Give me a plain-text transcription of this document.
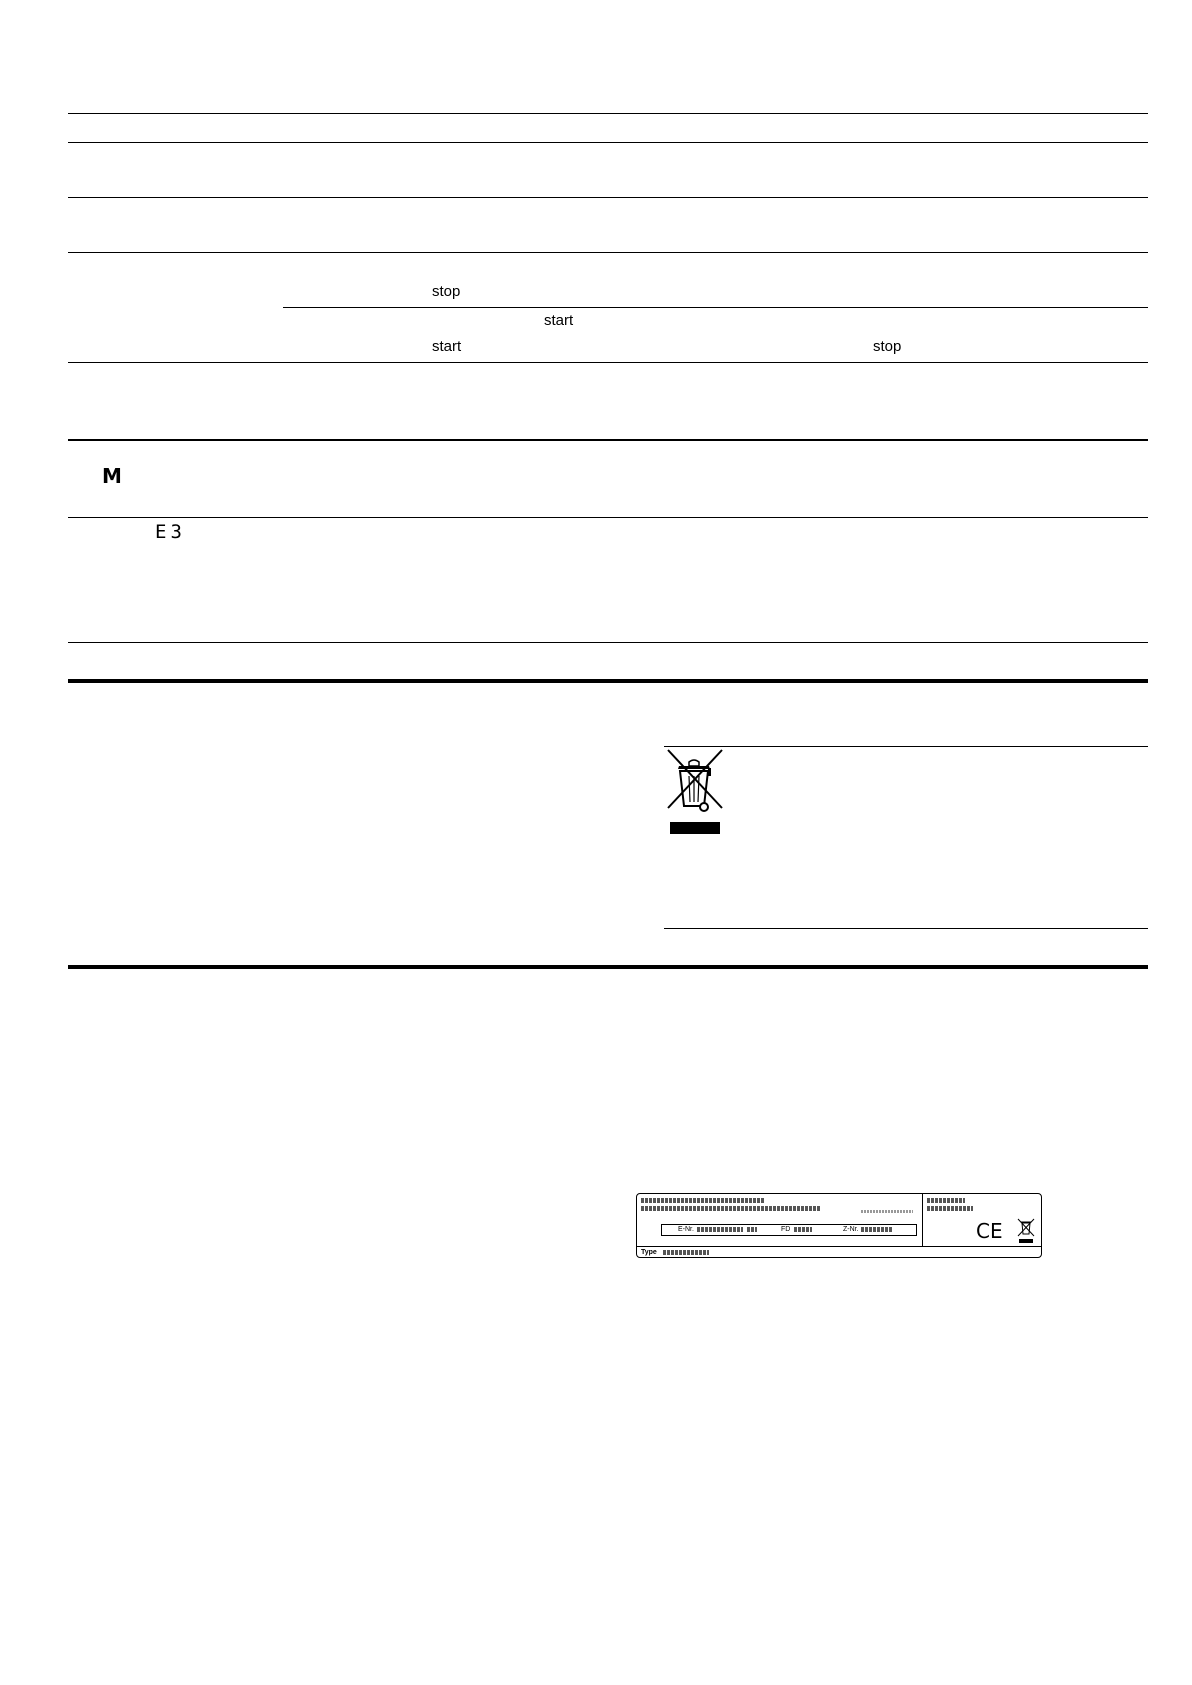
stop
start
start	stop
M
E3
E-Nr.	FD	Z-Nr.	CE
Type
